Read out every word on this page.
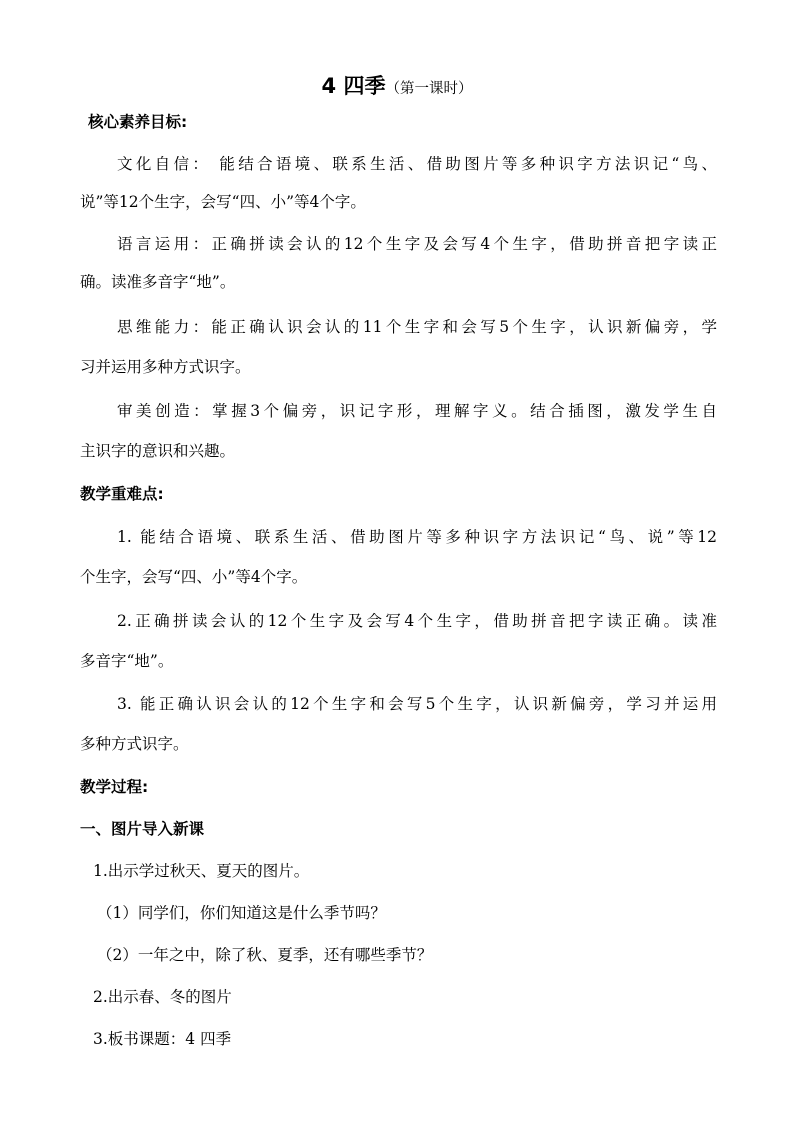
4 四季（第一课时）
核心素养目标:
文化自信： 能结合语境、联系生活、借助图片等多种识字方法识记“鸟、
说”等12个生字，会写“四、小”等4个字。
语言运用：正确拼读会认的12个生字及会写4个生字，借助拼音把字读正
确。读准多音字“地”。
思维能力：能正确认识会认的11个生字和会写5个生字，认识新偏旁，学
习并运用多种方式识字。
审美创造：掌握3个偏旁，识记字形，理解字义。结合插图，激发学生自
主识字的意识和兴趣。
教学重难点:
1. 能结合语境、联系生活、借助图片等多种识字方法识记“鸟、说”等12
个生字，会写“四、小”等4个字。
2.正确拼读会认的12个生字及会写4个生字，借助拼音把字读正确。读准
多音字“地”。
3. 能正确认识会认的12个生字和会写5个生字，认识新偏旁，学习并运用
多种方式识字。
教学过程:
一、图片导入新课
1.出示学过秋天、夏天的图片。
（1）同学们，你们知道这是什么季节吗？
（2）一年之中，除了秋、夏季，还有哪些季节？
2.出示春、冬的图片
3.板书课题：4 四季
